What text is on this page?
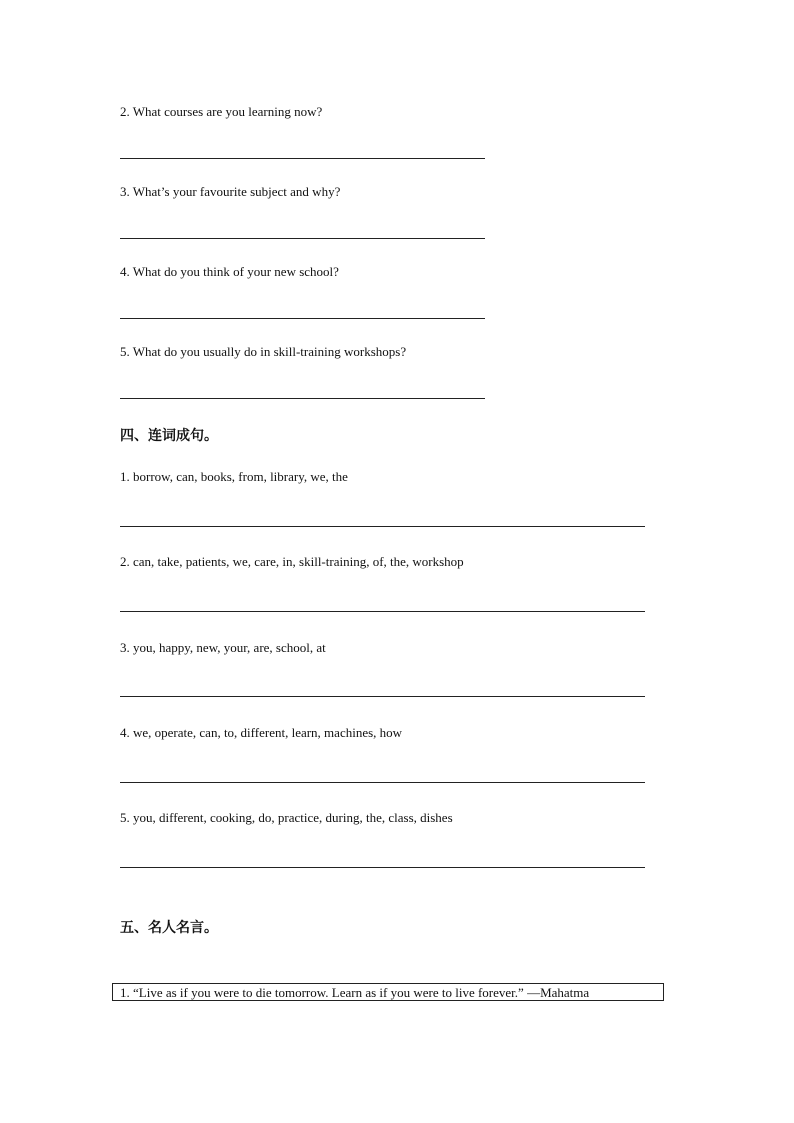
2. What courses are you learning now?
3. What’s your favourite subject and why?
4. What do you think of your new school?
5. What do you usually do in skill-training workshops?
四、连词成句。
1. borrow, can, books, from, library, we, the
2. can, take, patients, we, care, in, skill-training, of, the, workshop
3. you, happy, new, your, are, school, at
4. we, operate, can, to, different, learn, machines, how
5. you, different, cooking, do, practice, during, the, class, dishes
五、名人名言。
1. “Live as if you were to die tomorrow. Learn as if you were to live forever.” —Mahatma
